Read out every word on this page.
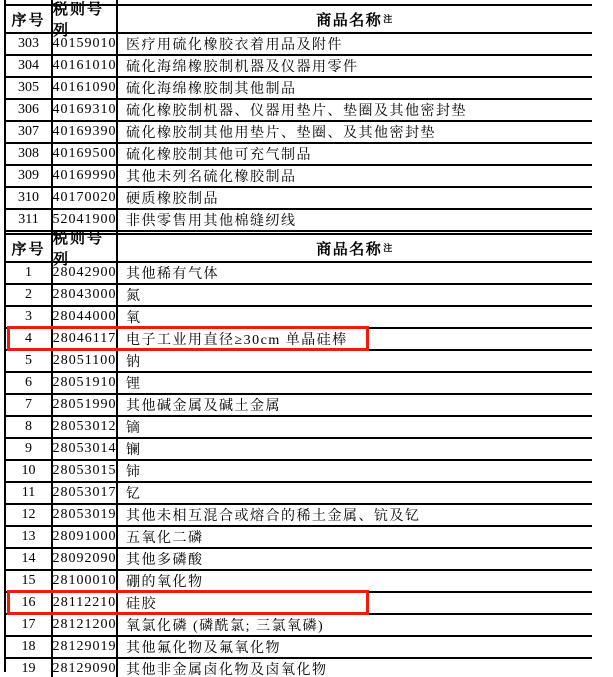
序号
税则号列
商品名称 注
303 40159010 医疗用硫化橡胶衣着用品及附件
304 40161010 硫化海绵橡胶制机器及仪器用零件
305 40161090 硫化海绵橡胶制其他制品
306 40169310 硫化橡胶制机器、仪器用垫片、垫圈及其他密封垫
307 40169390 硫化橡胶制其他用垫片、垫圈、及其他密封垫
308 40169500 硫化橡胶制其他可充气制品
309 40169990 其他未列名硫化橡胶制品
310 40170020 硬质橡胶制品
311 52041900 非供零售用其他棉缝纫线
序号
税则号列
商品名称 注
1	28042900 其他稀有气体
2	28043000 氮
3	28044000 氧
4	28046117 电子工业用直径≥30cm 单晶硅棒
5	28051100 钠
6	28051910 锂
7	28051990 其他碱金属及碱土金属
8	28053012 镝
9	28053014 镧
10	28053015 铈
11	28053017 钇
12	28053019 其他未相互混合或熔合的稀土金属、钪及钇
13	28091000 五氧化二磷
14	28092090 其他多磷酸
15	28100010 硼的氧化物
16	28112210 硅胶
17	28121200 氧氯化磷 (磷酰氯; 三氯氧磷)
18	28129019 其他氟化物及氟氧化物
19	28129090 其他非金属卤化物及卤氧化物
